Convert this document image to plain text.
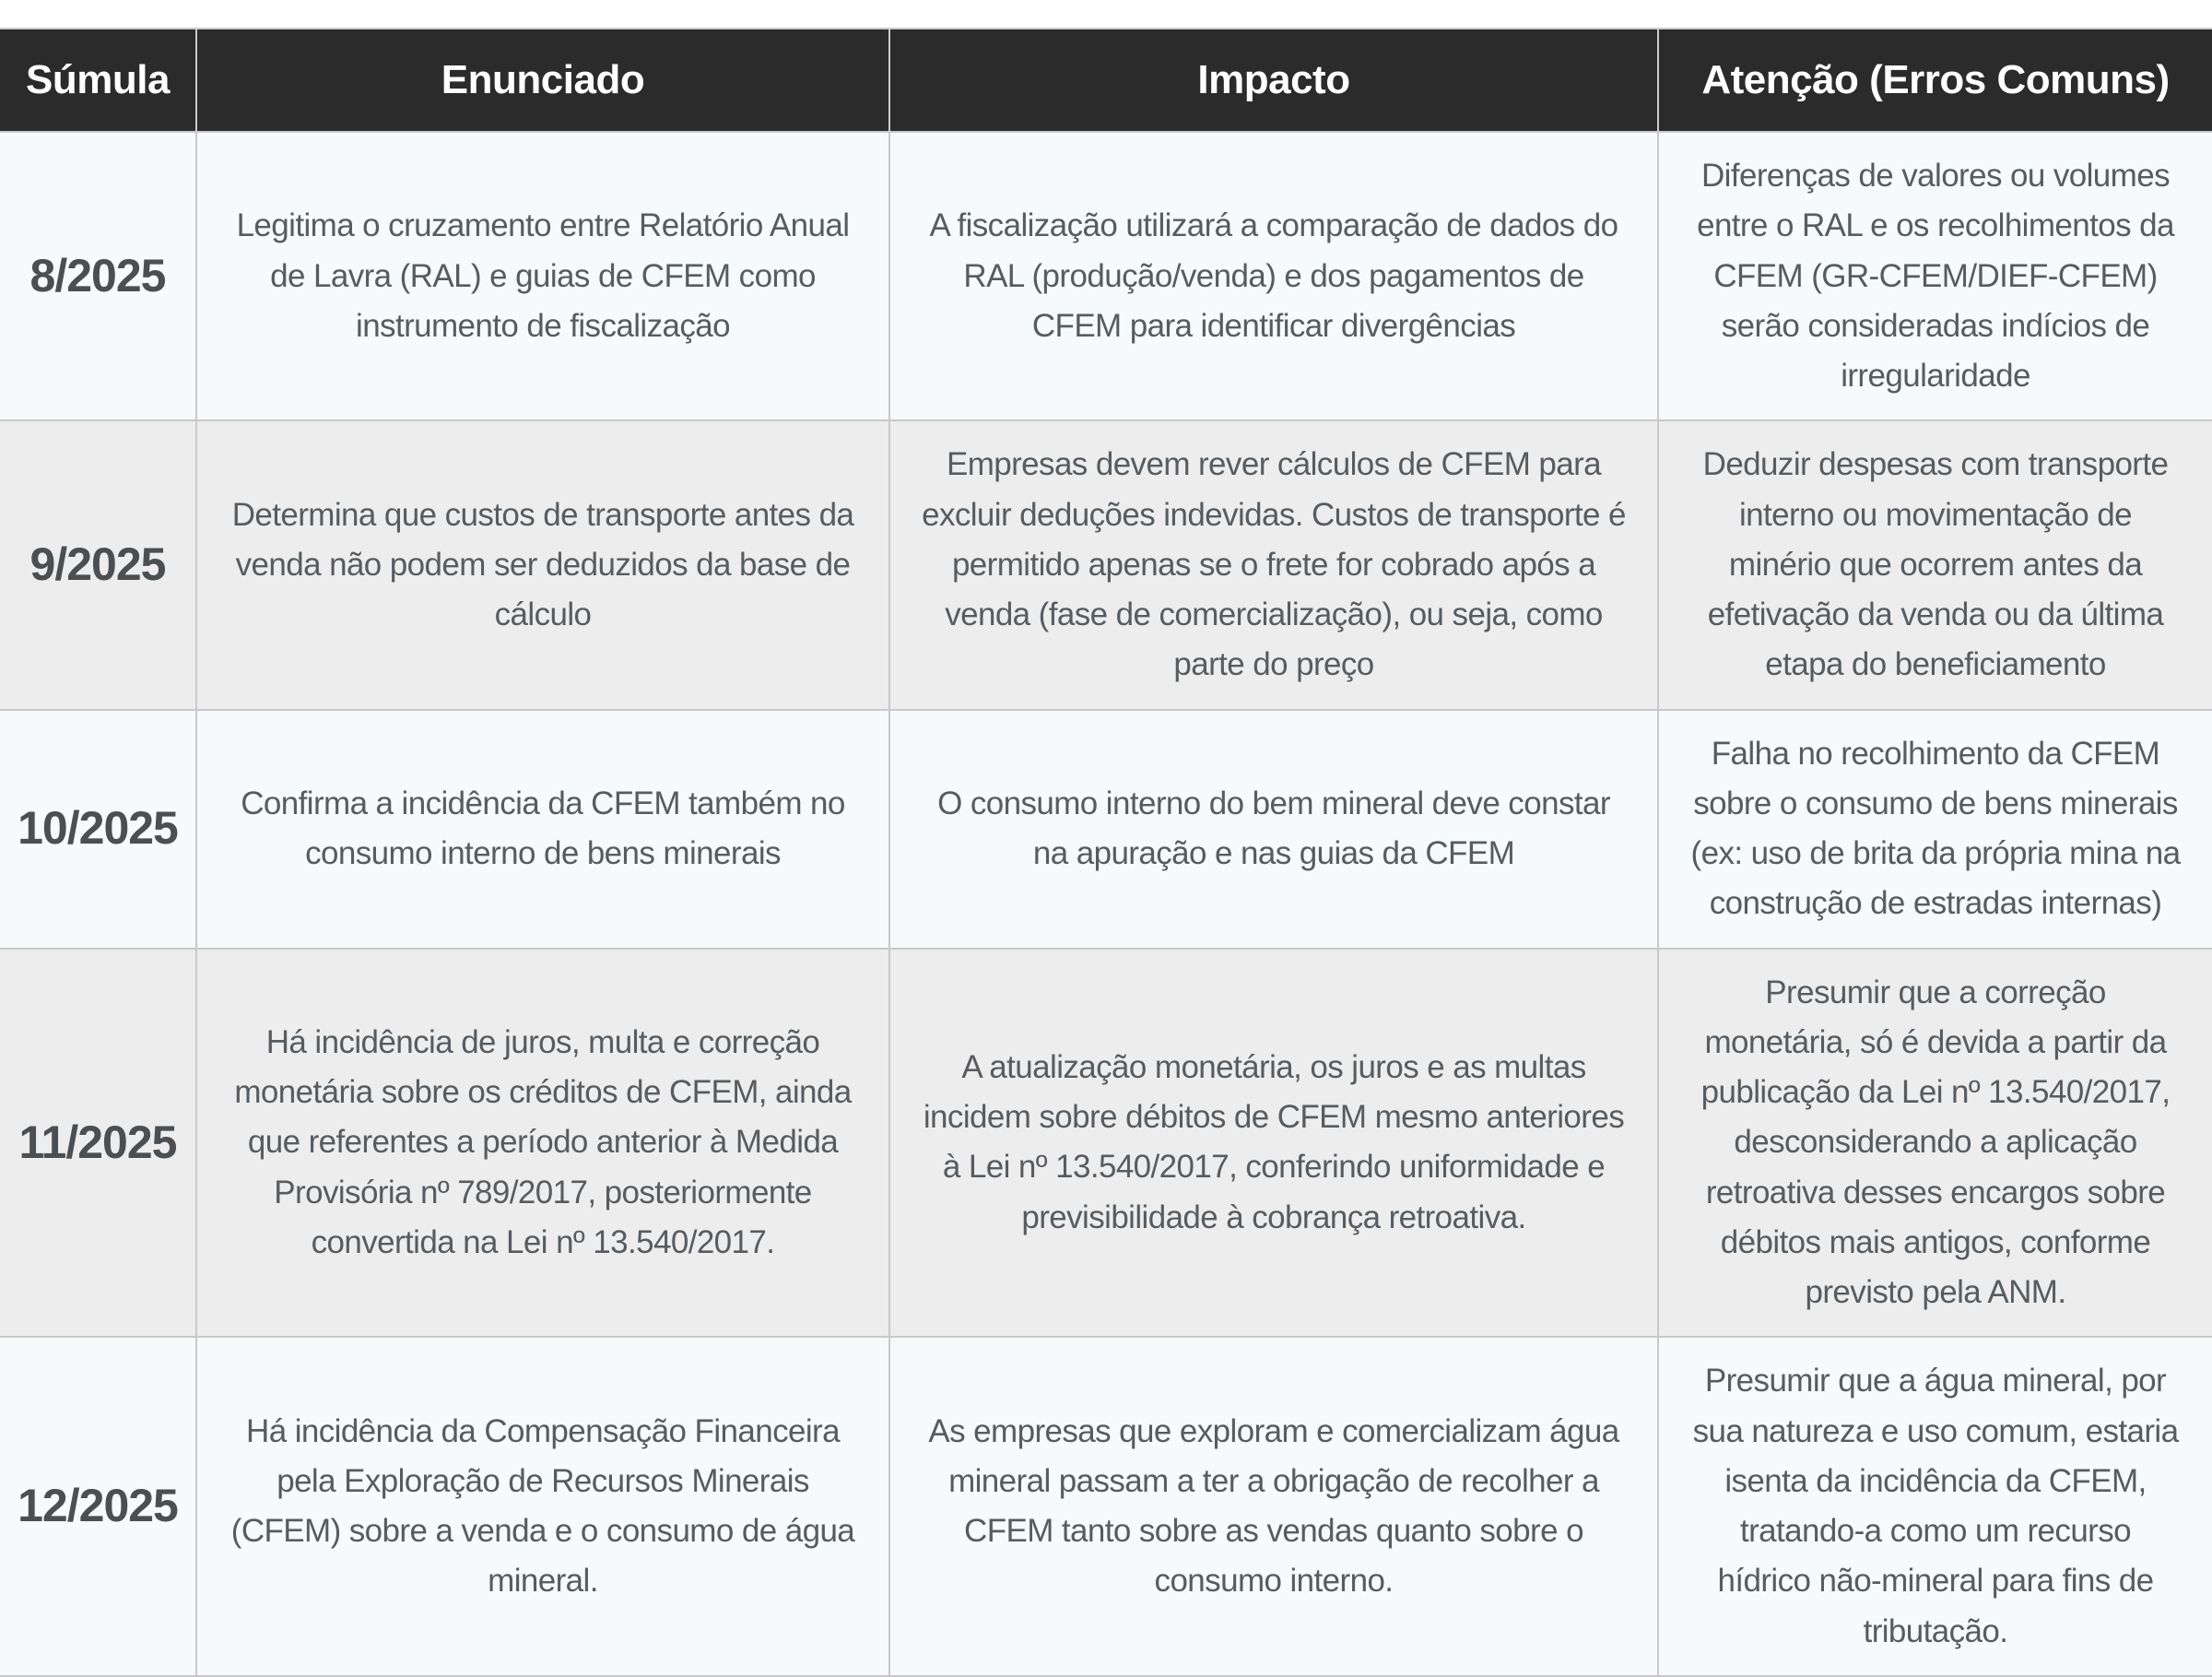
Súmula	Enunciado	Impacto	Atenção (Erros Comuns)
8/2025	Legitima o cruzamento entre Relatório Anual de Lavra (RAL) e guias de CFEM como instrumento de fiscalização	A fiscalização utilizará a comparação de dados do RAL (produção/venda) e dos pagamentos de CFEM para identificar divergências	Diferenças de valores ou volumes entre o RAL e os recolhimentos da CFEM (GR-CFEM/DIEF-CFEM) serão consideradas indícios de irregularidade
9/2025	Determina que custos de transporte antes da venda não podem ser deduzidos da base de cálculo	Empresas devem rever cálculos de CFEM para excluir deduções indevidas. Custos de transporte é permitido apenas se o frete for cobrado após a venda (fase de comercialização), ou seja, como parte do preço	Deduzir despesas com transporte interno ou movimentação de minério que ocorrem antes da efetivação da venda ou da última etapa do beneficiamento
10/2025	Confirma a incidência da CFEM também no consumo interno de bens minerais	O consumo interno do bem mineral deve constar na apuração e nas guias da CFEM	Falha no recolhimento da CFEM sobre o consumo de bens minerais (ex: uso de brita da própria mina na construção de estradas internas)
11/2025	Há incidência de juros, multa e correção monetária sobre os créditos de CFEM, ainda que referentes a período anterior à Medida Provisória nº 789/2017, posteriormente convertida na Lei nº 13.540/2017.	A atualização monetária, os juros e as multas incidem sobre débitos de CFEM mesmo anteriores à Lei nº 13.540/2017, conferindo uniformidade e previsibilidade à cobrança retroativa.	Presumir que a correção monetária, só é devida a partir da publicação da Lei nº 13.540/2017, desconsiderando a aplicação retroativa desses encargos sobre débitos mais antigos, conforme previsto pela ANM.
12/2025	Há incidência da Compensação Financeira pela Exploração de Recursos Minerais (CFEM) sobre a venda e o consumo de água mineral.	As empresas que exploram e comercializam água mineral passam a ter a obrigação de recolher a CFEM tanto sobre as vendas quanto sobre o consumo interno.	Presumir que a água mineral, por sua natureza e uso comum, estaria isenta da incidência da CFEM, tratando-a como um recurso hídrico não-mineral para fins de tributação.
